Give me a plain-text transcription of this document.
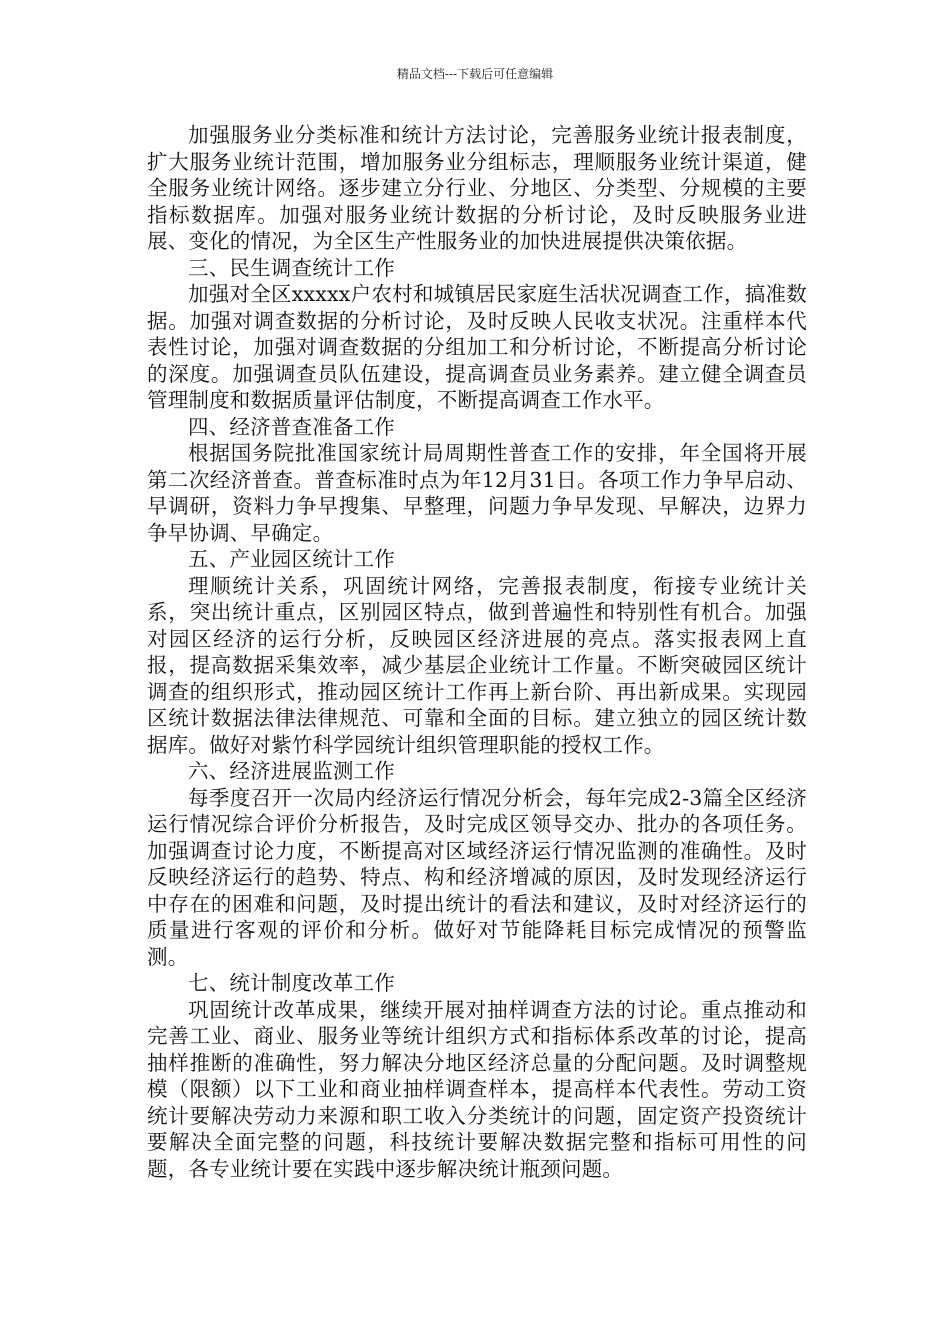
精品文档---下载后可任意编辑

加强服务业分类标准和统计方法讨论，完善服务业统计报表制度，扩大服务业统计范围，增加服务业分组标志，理顺服务业统计渠道，健全服务业统计网络。逐步建立分行业、分地区、分类型、分规模的主要指标数据库。加强对服务业统计数据的分析讨论，及时反映服务业进展、变化的情况，为全区生产性服务业的加快进展提供决策依据。

三、民生调查统计工作

加强对全区xxxxx户农村和城镇居民家庭生活状况调查工作，搞准数据。加强对调查数据的分析讨论，及时反映人民收支状况。注重样本代表性讨论，加强对调查数据的分组加工和分析讨论，不断提高分析讨论的深度。加强调查员队伍建设，提高调查员业务素养。建立健全调查员管理制度和数据质量评估制度，不断提高调查工作水平。

四、经济普查准备工作

根据国务院批准国家统计局周期性普查工作的安排，年全国将开展第二次经济普查。普查标准时点为年12月31日。各项工作力争早启动、早调研，资料力争早搜集、早整理，问题力争早发现、早解决，边界力争早协调、早确定。

五、产业园区统计工作

理顺统计关系，巩固统计网络，完善报表制度，衔接专业统计关系，突出统计重点，区别园区特点，做到普遍性和特别性有机合。加强对园区经济的运行分析，反映园区经济进展的亮点。落实报表网上直报，提高数据采集效率，减少基层企业统计工作量。不断突破园区统计调查的组织形式，推动园区统计工作再上新台阶、再出新成果。实现园区统计数据法律法律规范、可靠和全面的目标。建立独立的园区统计数据库。做好对紫竹科学园统计组织管理职能的授权工作。

六、经济进展监测工作

每季度召开一次局内经济运行情况分析会，每年完成2-3篇全区经济运行情况综合评价分析报告，及时完成区领导交办、批办的各项任务。加强调查讨论力度，不断提高对区域经济运行情况监测的准确性。及时反映经济运行的趋势、特点、构和经济增减的原因，及时发现经济运行中存在的困难和问题，及时提出统计的看法和建议，及时对经济运行的质量进行客观的评价和分析。做好对节能降耗目标完成情况的预警监测。

七、统计制度改革工作

巩固统计改革成果，继续开展对抽样调查方法的讨论。重点推动和完善工业、商业、服务业等统计组织方式和指标体系改革的讨论，提高抽样推断的准确性，努力解决分地区经济总量的分配问题。及时调整规模（限额）以下工业和商业抽样调查样本，提高样本代表性。劳动工资统计要解决劳动力来源和职工收入分类统计的问题，固定资产投资统计要解决全面完整的问题，科技统计要解决数据完整和指标可用性的问题，各专业统计要在实践中逐步解决统计瓶颈问题。
